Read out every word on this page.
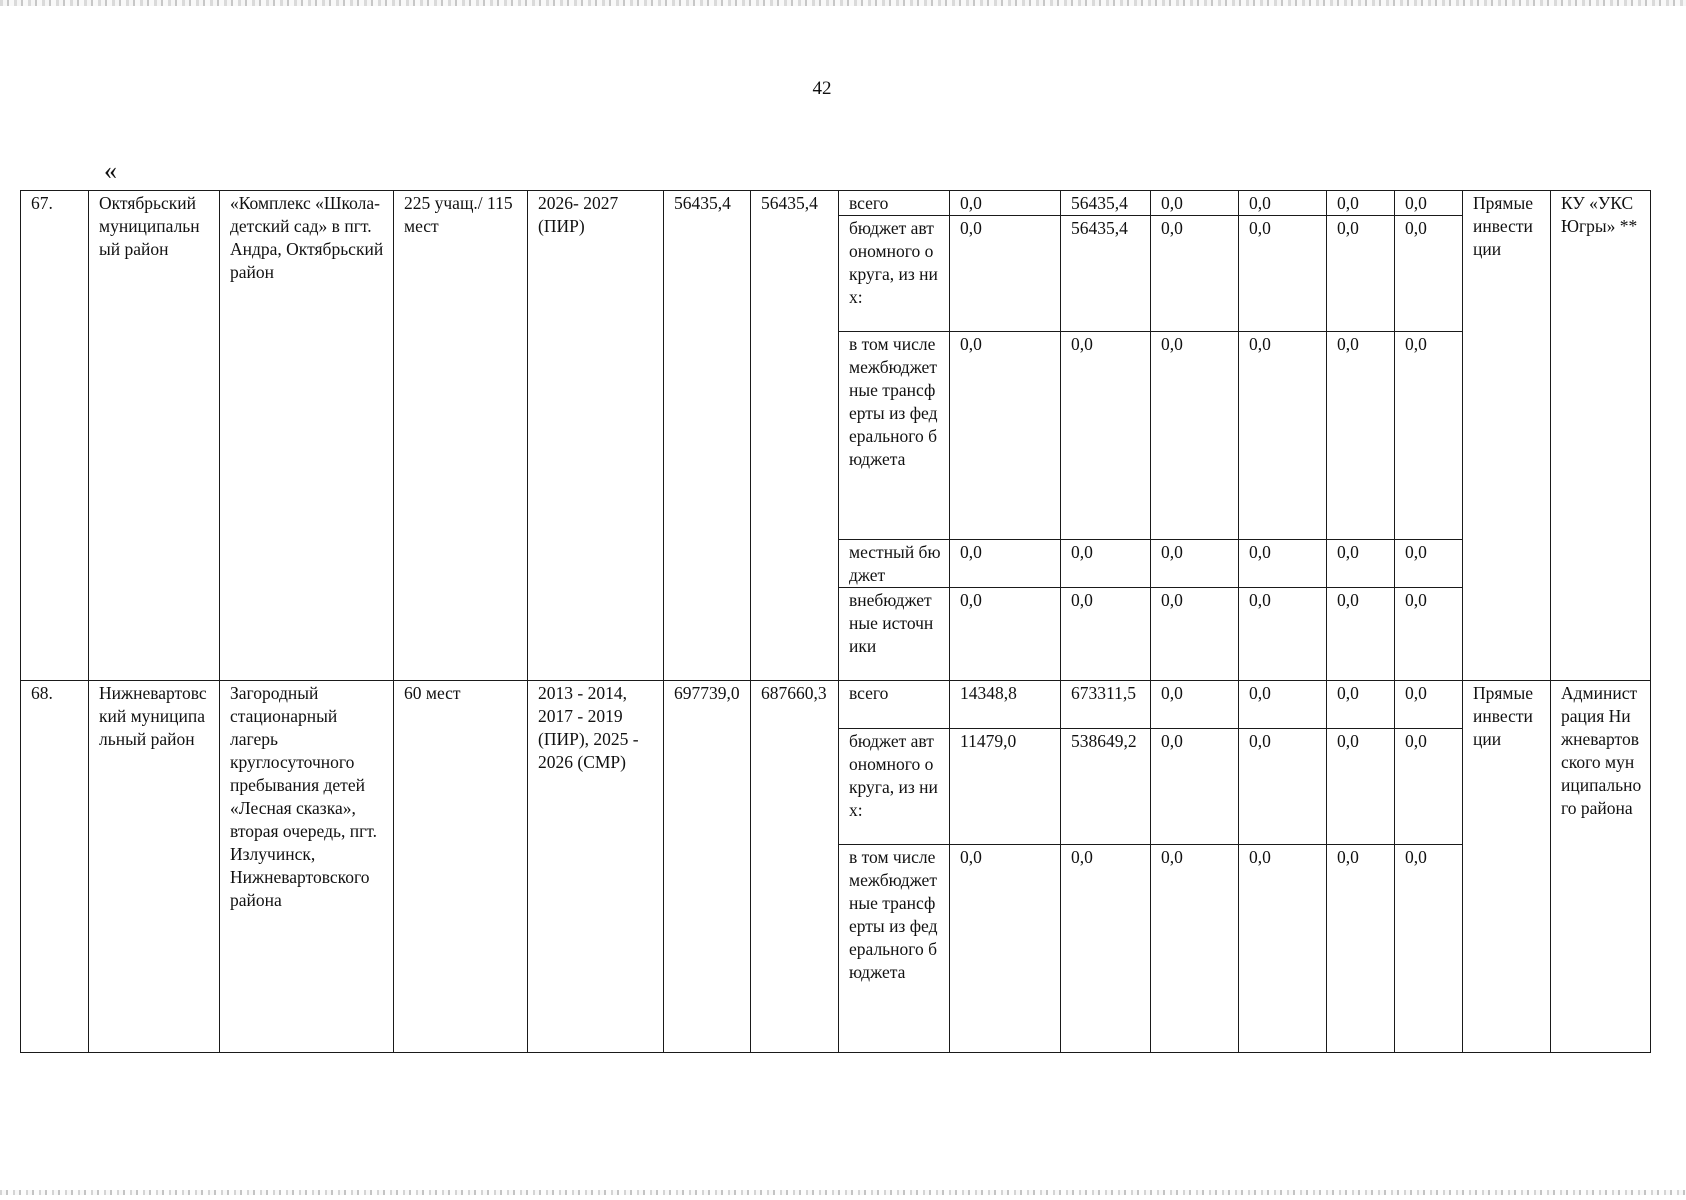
42
«
67.	Октябрьский муниципальный район	«Комплекс «Школа-детский сад» в пгт. Андра, Октябрьский район	225 учащ./ 115 мест	2026- 2027 (ПИР)	56435,4	56435,4	всего	0,0	56435,4	0,0	0,0	0,0	0,0	Прямые инвестиции	КУ «УКС Югры» **
							бюджет автономного округа, из них:	0,0	56435,4	0,0	0,0	0,0	0,0		
							в том числе межбюджетные трансферты из федерального бюджета	0,0	0,0	0,0	0,0	0,0	0,0		
							местный бюджет	0,0	0,0	0,0	0,0	0,0	0,0		
							внебюджетные источники	0,0	0,0	0,0	0,0	0,0	0,0		
68.	Нижневартовский муниципальный район	Загородный стационарный лагерь круглосуточного пребывания детей «Лесная сказка», вторая очередь, пгт. Излучинск, Нижневартовского района	60 мест	2013 - 2014, 2017 - 2019 (ПИР), 2025 - 2026 (СМР)	697739,0	687660,3	всего	14348,8	673311,5	0,0	0,0	0,0	0,0	Прямые инвестиции	Администрация Нижневартовского муниципального района
							бюджет автономного округа, из них:	11479,0	538649,2	0,0	0,0	0,0	0,0		
							в том числе межбюджетные трансферты из федерального бюджета	0,0	0,0	0,0	0,0	0,0	0,0		
